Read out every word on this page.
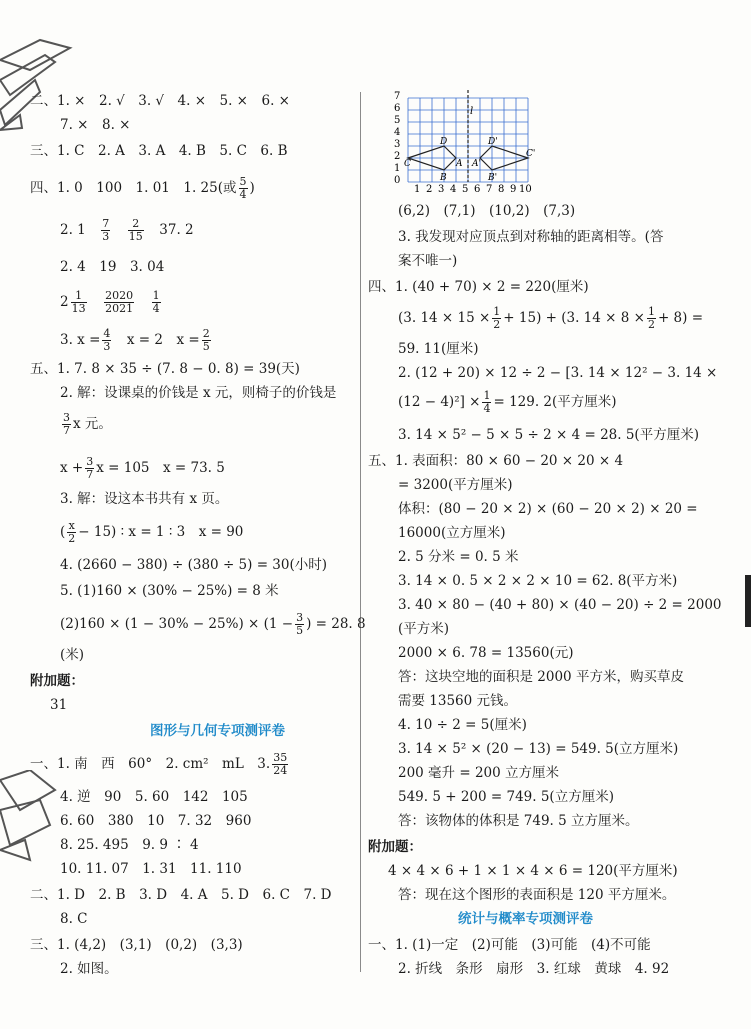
二、1. ×　2. √　3. √　4. ×　5. ×　6. ×
7. ×　8. ×
三、1. C　2. A　3. A　4. B　5. C　6. B
四、1. 0　100　1. 01　1. 25(或 $\frac{5}{4}$ )
2. 1　 $\frac{7}{3}$
　 $\frac{2}{15}$
　 37. 2
2. 4　19　3. 04
$2 \frac{1}{13}$
　 $\frac{2020}{2021}$
　 $\frac{1}{4}$
3. $x = \frac{4}{3}$
　 x = 2　$x = \frac{2}{5}$
五、1. 7. 8 × 35 ÷ (7. 8 − 0. 8) = 39(天)
2. 解：设课桌的价钱是 x 元，则椅子的价钱是
$\frac{3}{7}$ x 元。
$x + \frac{3}{7}$ x = 105　x = 73. 5
3. 解：设这本书共有 x 页。
( $\frac{x}{2} - 15$) ∶ x = 1 ∶ 3　x = 90
4. (2660 − 380) ÷ (380 ÷ 5) = 30(小时)
5. (1)160 × (30% − 25%) = 8 米
$(2)160 \times (1 - 30\% - 25\%) \times (1 - \frac{3}{5}$ ) = 28. 8
(米)
附加题：
31
图形与几何专项测评卷
一、1. 南　西　60°　2. cm²　mL　3. $\frac{35}{24}$
4. 逆　90　5. 60　142　105
6. 60　380　10　7. 32　960
8. 25. 495　9. 9 ∶ 4
10. 11. 07　1. 31　11. 110
二、1. D　2. B　3. D　4. A　5. D　6. C　7. D
8. C
三、1. (4,2)　(3,1)　(0,2)　(3,3)
2. 如图。
7
6
5
4
3
2
1
0
1 2 3 4 5 6 7 8 9 10
l
D	D'
C
C'
A A'
B	B'
(6,2)　(7,1)　(10,2)　(7,3)
3. 我发现对应顶点到对称轴的距离相等。(答
案不唯一)
四、1. (40 + 70) × 2 = 220(厘米)
(3. $14 \times 15 \times \frac{1}{2} + 15) + (3$. $14 \times 8 \times \frac{1}{2} + 8$) =
59. 11(厘米)
2. (12 + 20) × 12 ÷ 2 − [3. 14 × 12² − 3. 14 ×
$(12 - 4)^2] \times \frac{1}{4} = 129$. 2(平方厘米)
3. 14 × 5² − 5 × 5 ÷ 2 × 4 = 28. 5(平方厘米)
五、1. 表面积：80 × 60 − 20 × 20 × 4
= 3200(平方厘米)
体积：(80 − 20 × 2) × (60 − 20 × 2) × 20 =
16000(立方厘米)
2. 5 分米 = 0. 5 米
3. 14 × 0. 5 × 2 × 2 × 10 = 62. 8(平方米)
3. 40 × 80 − (40 + 80) × (40 − 20) ÷ 2 = 2000
(平方米)
2000 × 6. 78 = 13560(元)
答：这块空地的面积是 2000 平方米，购买草皮
需要 13560 元钱。
4. 10 ÷ 2 = 5(厘米)
3. 14 × 5² × (20 − 13) = 549. 5(立方厘米)
200 毫升 = 200 立方厘米
549. 5 + 200 = 749. 5(立方厘米)
答：该物体的体积是 749. 5 立方厘米。
附加题：
4 × 4 × 6 + 1 × 1 × 4 × 6 = 120(平方厘米)
答：现在这个图形的表面积是 120 平方厘米。
统计与概率专项测评卷
一、1. (1)一定　(2)可能　(3)可能　(4)不可能
2. 折线　条形　扇形　3. 红球　黄球　4. 92
